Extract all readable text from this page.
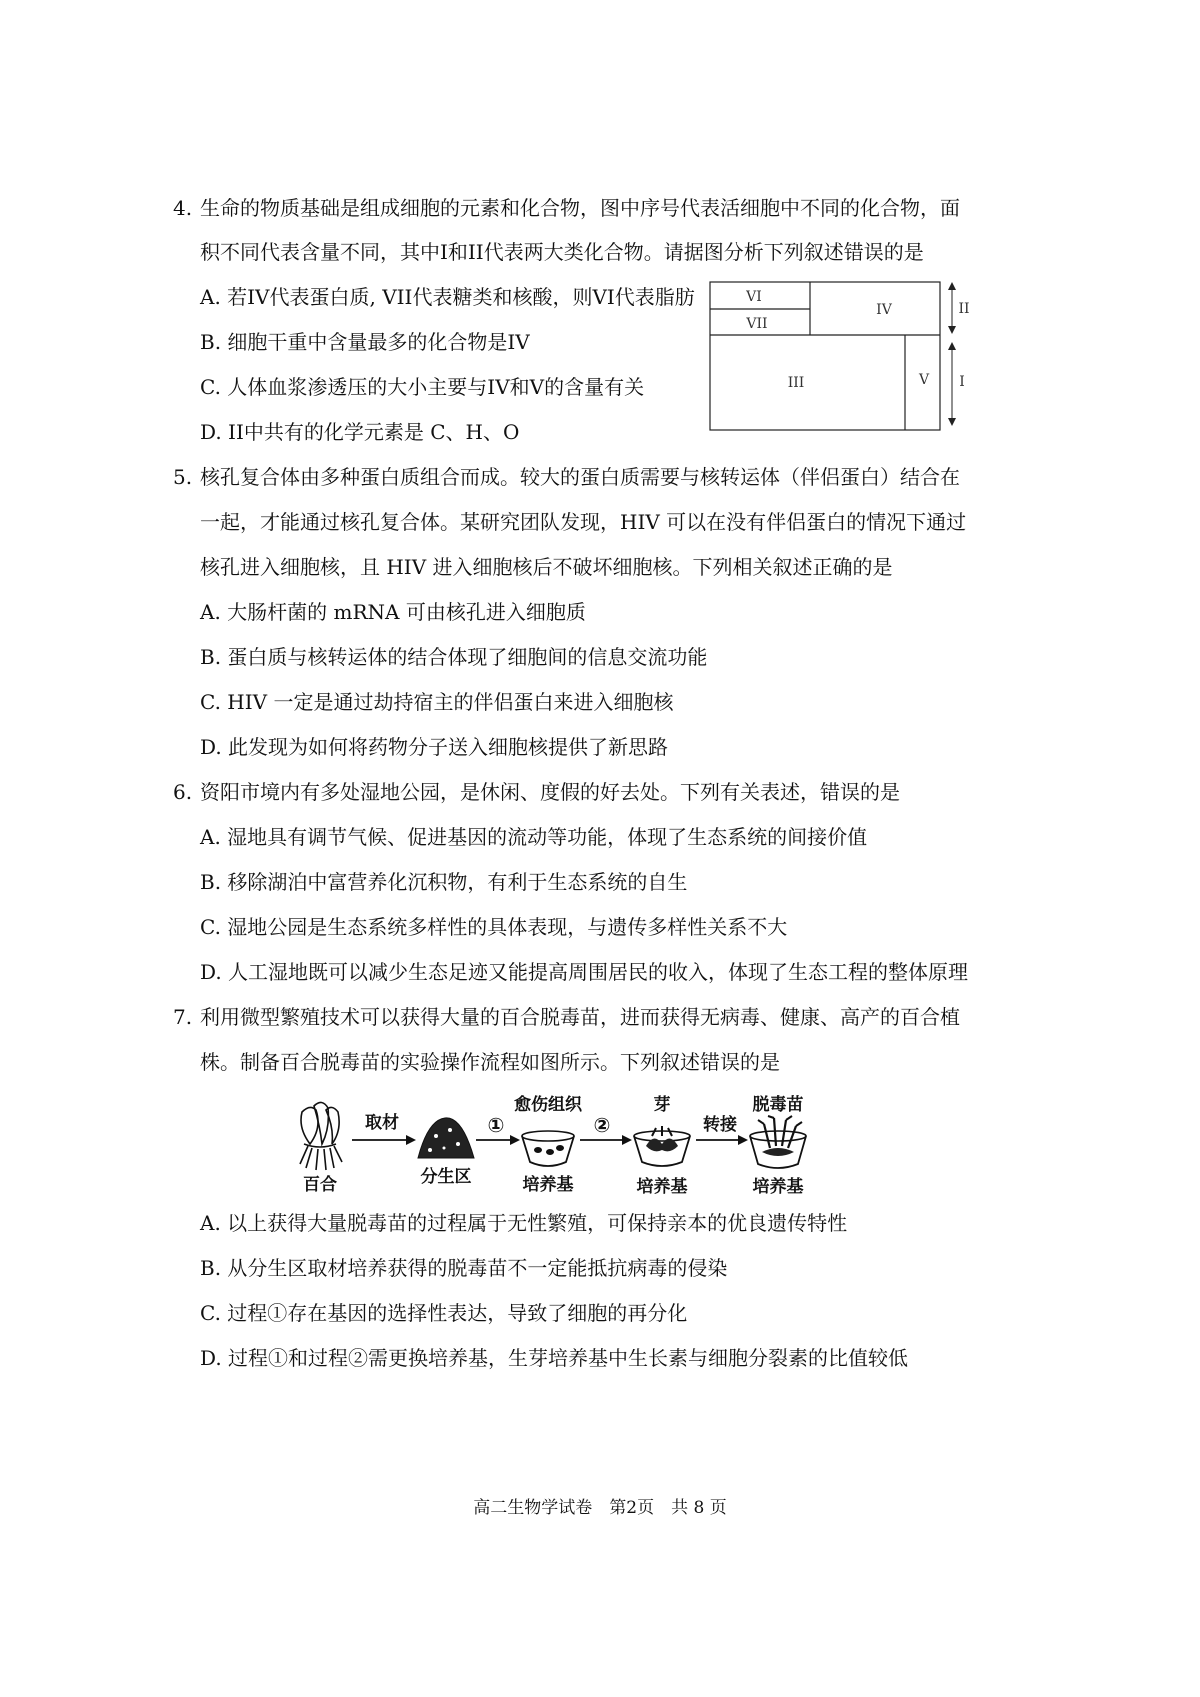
4. 生命的物质基础是组成细胞的元素和化合物，图中序号代表活细胞中不同的化合物，面
积不同代表含量不同，其中I和II代表两大类化合物。请据图分析下列叙述错误的是
A. 若IV代表蛋白质, VII代表糖类和核酸，则VI代表脂肪
B. 细胞干重中含量最多的化合物是IV
C. 人体血浆渗透压的大小主要与IV和V的含量有关
D. II中共有的化学元素是 C、H、O
VI
VII
IV
III	V
II
I
5. 核孔复合体由多种蛋白质组合而成。较大的蛋白质需要与核转运体（伴侣蛋白）结合在
一起，才能通过核孔复合体。某研究团队发现，HIV 可以在没有伴侣蛋白的情况下通过
核孔进入细胞核，且 HIV 进入细胞核后不破坏细胞核。下列相关叙述正确的是
A. 大肠杆菌的 mRNA 可由核孔进入细胞质
B. 蛋白质与核转运体的结合体现了细胞间的信息交流功能
C. HIV 一定是通过劫持宿主的伴侣蛋白来进入细胞核
D. 此发现为如何将药物分子送入细胞核提供了新思路
6. 资阳市境内有多处湿地公园，是休闲、度假的好去处。下列有关表述，错误的是
A. 湿地具有调节气候、促进基因的流动等功能，体现了生态系统的间接价值
B. 移除湖泊中富营养化沉积物，有利于生态系统的自生
C. 湿地公园是生态系统多样性的具体表现，与遗传多样性关系不大
D. 人工湿地既可以减少生态足迹又能提高周围居民的收入，体现了生态工程的整体原理
7. 利用微型繁殖技术可以获得大量的百合脱毒苗，进而获得无病毒、健康、高产的百合植
株。制备百合脱毒苗的实验操作流程如图所示。下列叙述错误的是
百合
取材
分生区
①
愈伤组织
培养基
②
芽
培养基
转接
脱毒苗
培养基
A. 以上获得大量脱毒苗的过程属于无性繁殖，可保持亲本的优良遗传特性
B. 从分生区取材培养获得的脱毒苗不一定能抵抗病毒的侵染
C. 过程①存在基因的选择性表达，导致了细胞的再分化
D. 过程①和过程②需更换培养基，生芽培养基中生长素与细胞分裂素的比值较低
高二生物学试卷　第2页　共 8 页
